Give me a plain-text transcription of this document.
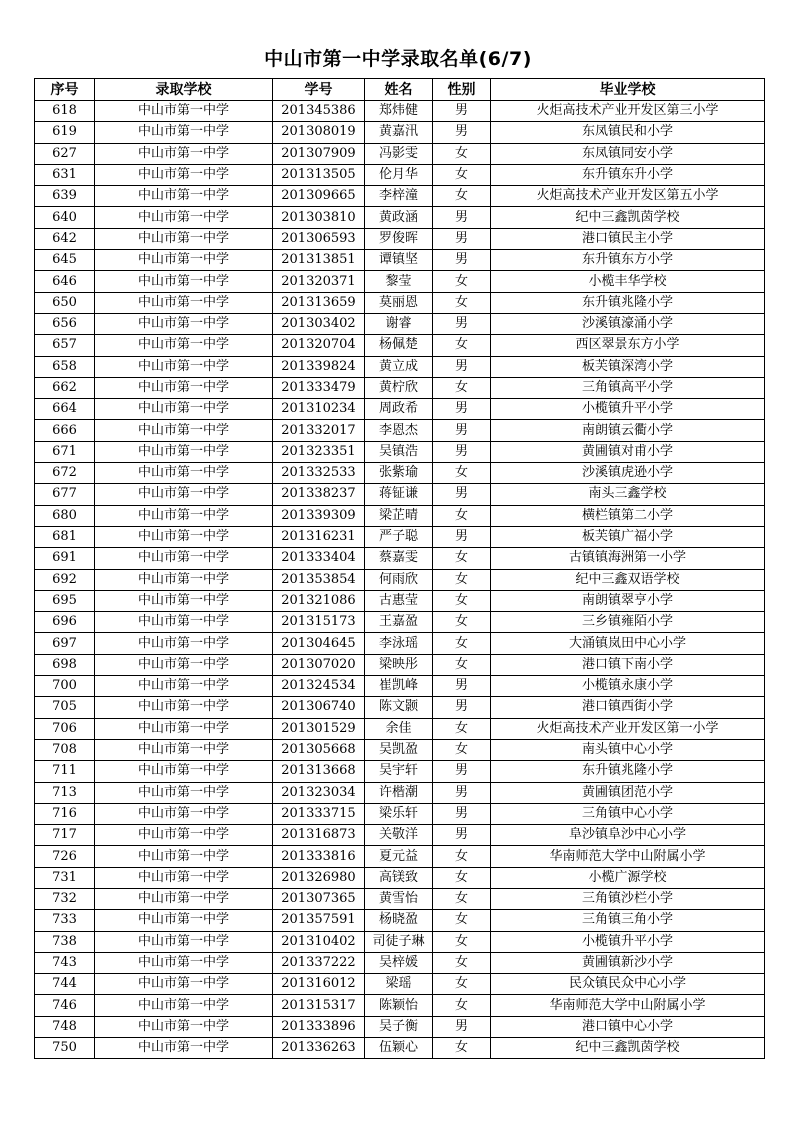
中山市第一中学录取名单(6/7)
序号	录取学校	学号	姓名	性别	毕业学校
618	中山市第一中学	201345386	郑炜健	男	火炬高技术产业开发区第三小学
619	中山市第一中学	201308019	黄嘉汛	男	东凤镇民和小学
627	中山市第一中学	201307909	冯影雯	女	东凤镇同安小学
631	中山市第一中学	201313505	伦月华	女	东升镇东升小学
639	中山市第一中学	201309665	李梓潼	女	火炬高技术产业开发区第五小学
640	中山市第一中学	201303810	黄政涵	男	纪中三鑫凯茵学校
642	中山市第一中学	201306593	罗俊晖	男	港口镇民主小学
645	中山市第一中学	201313851	谭镇坚	男	东升镇东方小学
646	中山市第一中学	201320371	黎莹	女	小榄丰华学校
650	中山市第一中学	201313659	莫丽恩	女	东升镇兆隆小学
656	中山市第一中学	201303402	谢睿	男	沙溪镇濠涌小学
657	中山市第一中学	201320704	杨佩楚	女	西区翠景东方小学
658	中山市第一中学	201339824	黄立成	男	板芙镇深湾小学
662	中山市第一中学	201333479	黄柠欣	女	三角镇高平小学
664	中山市第一中学	201310234	周政希	男	小榄镇升平小学
666	中山市第一中学	201332017	李恩杰	男	南朗镇云衢小学
671	中山市第一中学	201323351	吴镇浩	男	黄圃镇对甫小学
672	中山市第一中学	201332533	张紫瑜	女	沙溪镇虎逊小学
677	中山市第一中学	201338237	蒋钲谦	男	南头三鑫学校
680	中山市第一中学	201339309	梁芷晴	女	横栏镇第二小学
681	中山市第一中学	201316231	严子聪	男	板芙镇广福小学
691	中山市第一中学	201333404	蔡嘉雯	女	古镇镇海洲第一小学
692	中山市第一中学	201353854	何雨欣	女	纪中三鑫双语学校
695	中山市第一中学	201321086	古惠莹	女	南朗镇翠亨小学
696	中山市第一中学	201315173	王嘉盈	女	三乡镇雍陌小学
697	中山市第一中学	201304645	李泳瑶	女	大涌镇岚田中心小学
698	中山市第一中学	201307020	梁映彤	女	港口镇下南小学
700	中山市第一中学	201324534	崔凯峰	男	小榄镇永康小学
705	中山市第一中学	201306740	陈文颢	男	港口镇西街小学
706	中山市第一中学	201301529	余佳	女	火炬高技术产业开发区第一小学
708	中山市第一中学	201305668	吴凯盈	女	南头镇中心小学
711	中山市第一中学	201313668	吴宇轩	男	东升镇兆隆小学
713	中山市第一中学	201323034	许楷潮	男	黄圃镇团范小学
716	中山市第一中学	201333715	梁乐轩	男	三角镇中心小学
717	中山市第一中学	201316873	关敬洋	男	阜沙镇阜沙中心小学
726	中山市第一中学	201333816	夏元益	女	华南师范大学中山附属小学
731	中山市第一中学	201326980	高镁致	女	小榄广源学校
732	中山市第一中学	201307365	黄雪怡	女	三角镇沙栏小学
733	中山市第一中学	201357591	杨晓盈	女	三角镇三角小学
738	中山市第一中学	201310402	司徒子琳	女	小榄镇升平小学
743	中山市第一中学	201337222	吴梓媛	女	黄圃镇新沙小学
744	中山市第一中学	201316012	梁瑶	女	民众镇民众中心小学
746	中山市第一中学	201315317	陈颖怡	女	华南师范大学中山附属小学
748	中山市第一中学	201333896	吴子衡	男	港口镇中心小学
750	中山市第一中学	201336263	伍颖心	女	纪中三鑫凯茵学校
